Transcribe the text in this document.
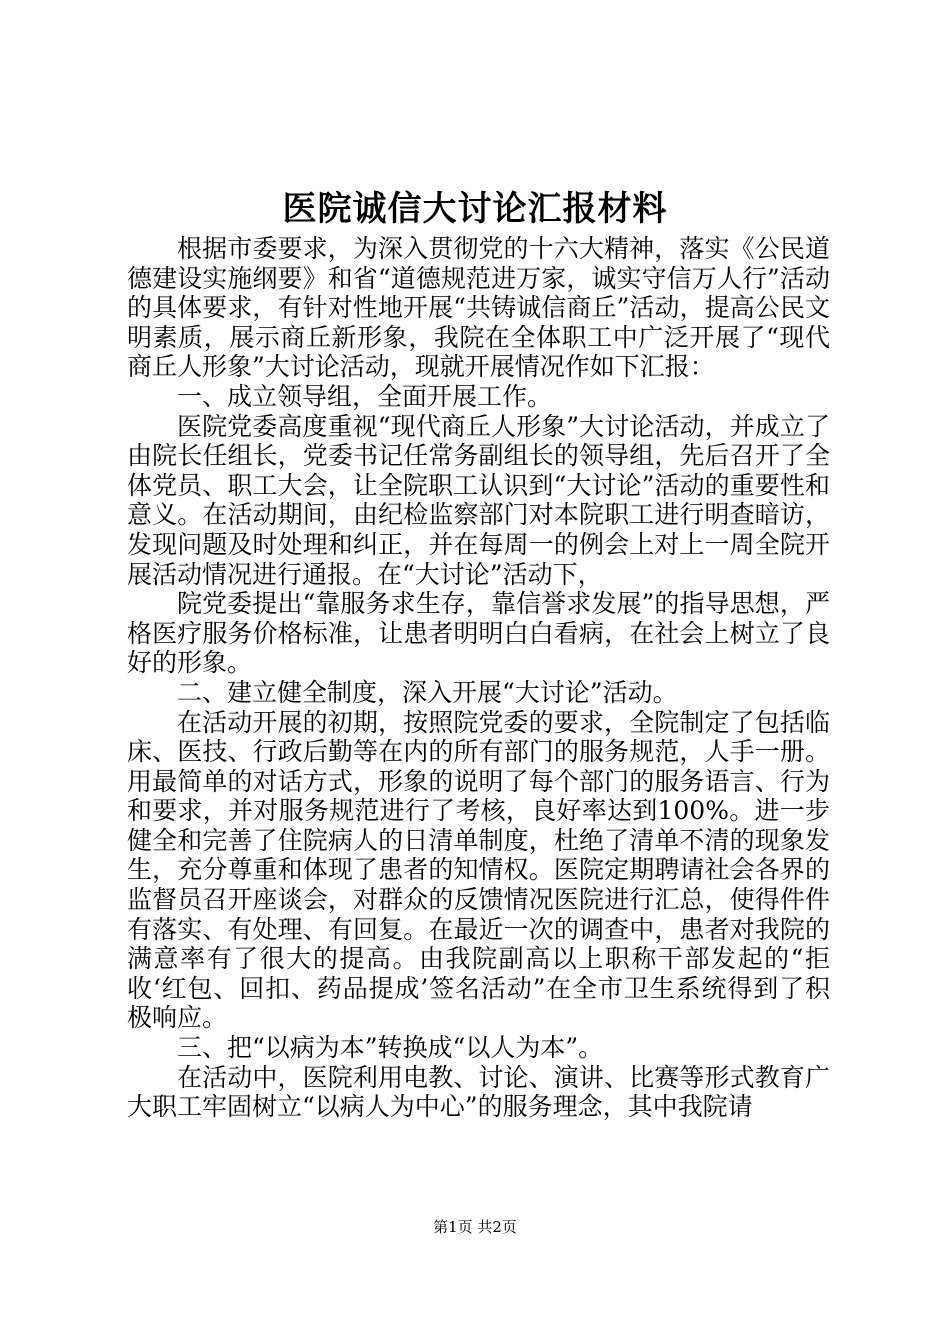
医院诚信大讨论汇报材料

根据市委要求，为深入贯彻党的十六大精神，落实《公民道德建设实施纲要》和省“道德规范进万家，诚实守信万人行”活动的具体要求，有针对性地开展“共铸诚信商丘”活动，提高公民文明素质，展示商丘新形象，我院在全体职工中广泛开展了“现代商丘人形象”大讨论活动，现就开展情况作如下汇报：

一、成立领导组，全面开展工作。

医院党委高度重视“现代商丘人形象”大讨论活动，并成立了由院长任组长，党委书记任常务副组长的领导组，先后召开了全体党员、职工大会，让全院职工认识到“大讨论”活动的重要性和意义。在活动期间，由纪检监察部门对本院职工进行明查暗访，发现问题及时处理和纠正，并在每周一的例会上对上一周全院开展活动情况进行通报。在“大讨论”活动下，

院党委提出“靠服务求生存，靠信誉求发展”的指导思想，严格医疗服务价格标准，让患者明明白白看病，在社会上树立了良好的形象。

二、建立健全制度，深入开展“大讨论”活动。

在活动开展的初期，按照院党委的要求，全院制定了包括临床、医技、行政后勤等在内的所有部门的服务规范，人手一册。用最简单的对话方式，形象的说明了每个部门的服务语言、行为和要求，并对服务规范进行了考核，良好率达到100%。进一步健全和完善了住院病人的日清单制度，杜绝了清单不清的现象发生，充分尊重和体现了患者的知情权。医院定期聘请社会各界的监督员召开座谈会，对群众的反馈情况医院进行汇总，使得件件有落实、有处理、有回复。在最近一次的调查中，患者对我院的满意率有了很大的提高。由我院副高以上职称干部发起的“拒收‘红包、回扣、药品提成’签名活动”在全市卫生系统得到了积极响应。

三、把“以病为本”转换成“以人为本”。

在活动中，医院利用电教、讨论、演讲、比赛等形式教育广大职工牢固树立“以病人为中心”的服务理念，其中我院请

第1页 共2页
